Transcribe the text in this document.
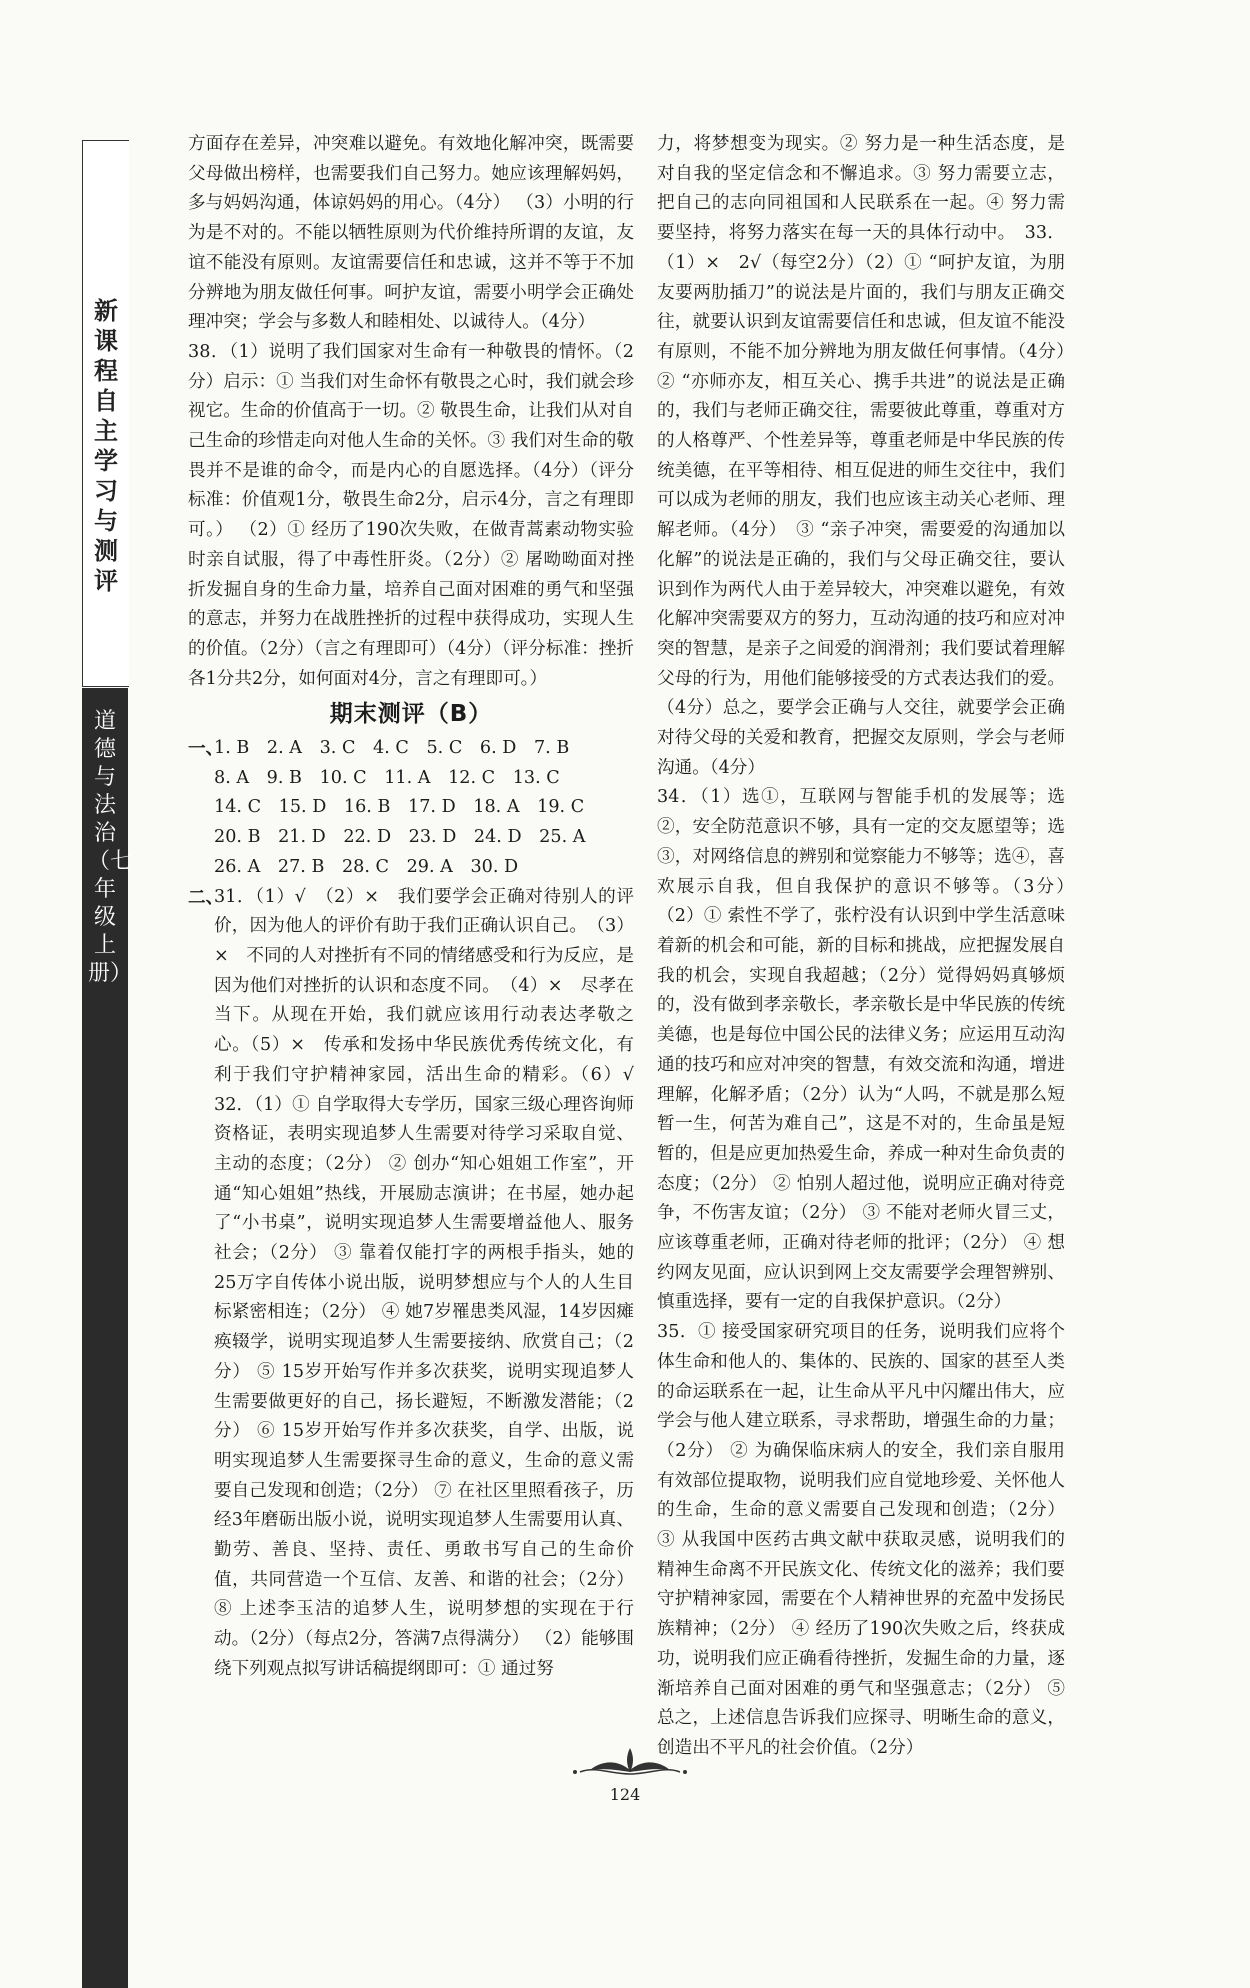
新课程自主学习与测评
道德与法治（七年级上册）

方面存在差异，冲突难以避免。有效地化解冲突，既需要父母做出榜样，也需要我们自己努力。她应该理解妈妈，多与妈妈沟通，体谅妈妈的用心。（4分） （3）小明的行为是不对的。不能以牺牲原则为代价维持所谓的友谊，友谊不能没有原则。友谊需要信任和忠诚，这并不等于不加分辨地为朋友做任何事。呵护友谊，需要小明学会正确处理冲突；学会与多数人和睦相处、以诚待人。（4分）

38．（1）说明了我们国家对生命有一种敬畏的情怀。（2分）启示：① 当我们对生命怀有敬畏之心时，我们就会珍视它。生命的价值高于一切。② 敬畏生命，让我们从对自己生命的珍惜走向对他人生命的关怀。③ 我们对生命的敬畏并不是谁的命令，而是内心的自愿选择。（4分）（评分标准：价值观1分，敬畏生命2分，启示4分，言之有理即可。） （2）① 经历了190次失败，在做青蒿素动物实验时亲自试服，得了中毒性肝炎。（2分）② 屠呦呦面对挫折发掘自身的生命力量，培养自己面对困难的勇气和坚强的意志，并努力在战胜挫折的过程中获得成功，实现人生的价值。（2分）（言之有理即可）（4分）（评分标准：挫折各1分共2分，如何面对4分，言之有理即可。）

期末测评（B）
一、
1. B　2. A　3. C　4. C　5. C　6. D　7. B
8. A　9. B　10. C　11. A　12. C　13. C
14. C　15. D　16. B　17. D　18. A　19. C
20. B　21. D　22. D　23. D　24. D　25. A
26. A　27. B　28. C　29. A　30. D
二、

31．（1）√　（2）×　我们要学会正确对待别人的评价，因为他人的评价有助于我们正确认识自己。　（3）×　不同的人对挫折有不同的情绪感受和行为反应，是因为他们对挫折的认识和态度不同。　（4）×　尽孝在当下。从现在开始，我们就应该用行动表达孝敬之心。（5）×　传承和发扬中华民族优秀传统文化，有利于我们守护精神家园，活出生命的精彩。（6）√　32．（1）① 自学取得大专学历，国家三级心理咨询师资格证，表明实现追梦人生需要对待学习采取自觉、主动的态度；（2分） ② 创办“知心姐姐工作室”，开通“知心姐姐”热线，开展励志演讲；在书屋，她办起了“小书桌”，说明实现追梦人生需要增益他人、服务社会；（2分） ③ 靠着仅能打字的两根手指头，她的25万字自传体小说出版，说明梦想应与个人的人生目标紧密相连；（2分） ④ 她7岁罹患类风湿，14岁因瘫痪辍学，说明实现追梦人生需要接纳、欣赏自己；（2分） ⑤ 15岁开始写作并多次获奖，说明实现追梦人生需要做更好的自己，扬长避短，不断激发潜能；（2分） ⑥ 15岁开始写作并多次获奖，自学、出版，说明实现追梦人生需要探寻生命的意义，生命的意义需要自己发现和创造；（2分） ⑦ 在社区里照看孩子，历经3年磨砺出版小说，说明实现追梦人生需要用认真、勤劳、善良、坚持、责任、勇敢书写自己的生命价值，共同营造一个互信、友善、和谐的社会；（2分） ⑧ 上述李玉洁的追梦人生，说明梦想的实现在于行动。（2分）（每点2分，答满7点得满分） （2）能够围绕下列观点拟写讲话稿提纲即可：① 通过努

力，将梦想变为现实。② 努力是一种生活态度，是对自我的坚定信念和不懈追求。③ 努力需要立志，把自己的志向同祖国和人民联系在一起。④ 努力需要坚持，将努力落实在每一天的具体行动中。　33．（1）×　2√（每空2分）（2）① “呵护友谊，为朋友要两肋插刀”的说法是片面的，我们与朋友正确交往，就要认识到友谊需要信任和忠诚，但友谊不能没有原则，不能不加分辨地为朋友做任何事情。（4分）　② “亦师亦友，相互关心、携手共进”的说法是正确的，我们与老师正确交往，需要彼此尊重，尊重对方的人格尊严、个性差异等，尊重老师是中华民族的传统美德，在平等相待、相互促进的师生交往中，我们可以成为老师的朋友，我们也应该主动关心老师、理解老师。（4分）　③ “亲子冲突，需要爱的沟通加以化解”的说法是正确的，我们与父母正确交往，要认识到作为两代人由于差异较大，冲突难以避免，有效化解冲突需要双方的努力，互动沟通的技巧和应对冲突的智慧，是亲子之间爱的润滑剂；我们要试着理解父母的行为，用他们能够接受的方式表达我们的爱。（4分）总之，要学会正确与人交往，就要学会正确对待父母的关爱和教育，把握交友原则，学会与老师沟通。（4分）

34．（1）选①，互联网与智能手机的发展等；选②，安全防范意识不够，具有一定的交友愿望等；选③，对网络信息的辨别和觉察能力不够等；选④，喜欢展示自我，但自我保护的意识不够等。（3分）　（2）① 索性不学了，张柠没有认识到中学生活意味着新的机会和可能，新的目标和挑战，应把握发展自我的机会，实现自我超越；（2分）觉得妈妈真够烦的，没有做到孝亲敬长，孝亲敬长是中华民族的传统美德，也是每位中国公民的法律义务；应运用互动沟通的技巧和应对冲突的智慧，有效交流和沟通，增进理解，化解矛盾；（2分）认为“人吗，不就是那么短暂一生，何苦为难自己”，这是不对的，生命虽是短暂的，但是应更加热爱生命，养成一种对生命负责的态度；（2分） ② 怕别人超过他，说明应正确对待竞争，不伤害友谊；（2分） ③ 不能对老师火冒三丈，应该尊重老师，正确对待老师的批评；（2分） ④ 想约网友见面，应认识到网上交友需要学会理智辨别、慎重选择，要有一定的自我保护意识。（2分）

35．① 接受国家研究项目的任务，说明我们应将个体生命和他人的、集体的、民族的、国家的甚至人类的命运联系在一起，让生命从平凡中闪耀出伟大，应学会与他人建立联系，寻求帮助，增强生命的力量；（2分） ② 为确保临床病人的安全，我们亲自服用有效部位提取物，说明我们应自觉地珍爱、关怀他人的生命，生命的意义需要自己发现和创造；（2分） ③ 从我国中医药古典文献中获取灵感，说明我们的精神生命离不开民族文化、传统文化的滋养；我们要守护精神家园，需要在个人精神世界的充盈中发扬民族精神；（2分） ④ 经历了190次失败之后，终获成功，说明我们应正确看待挫折，发掘生命的力量，逐渐培养自己面对困难的勇气和坚强意志；（2分） ⑤ 总之，上述信息告诉我们应探寻、明晰生命的意义，创造出不平凡的社会价值。（2分）

124
